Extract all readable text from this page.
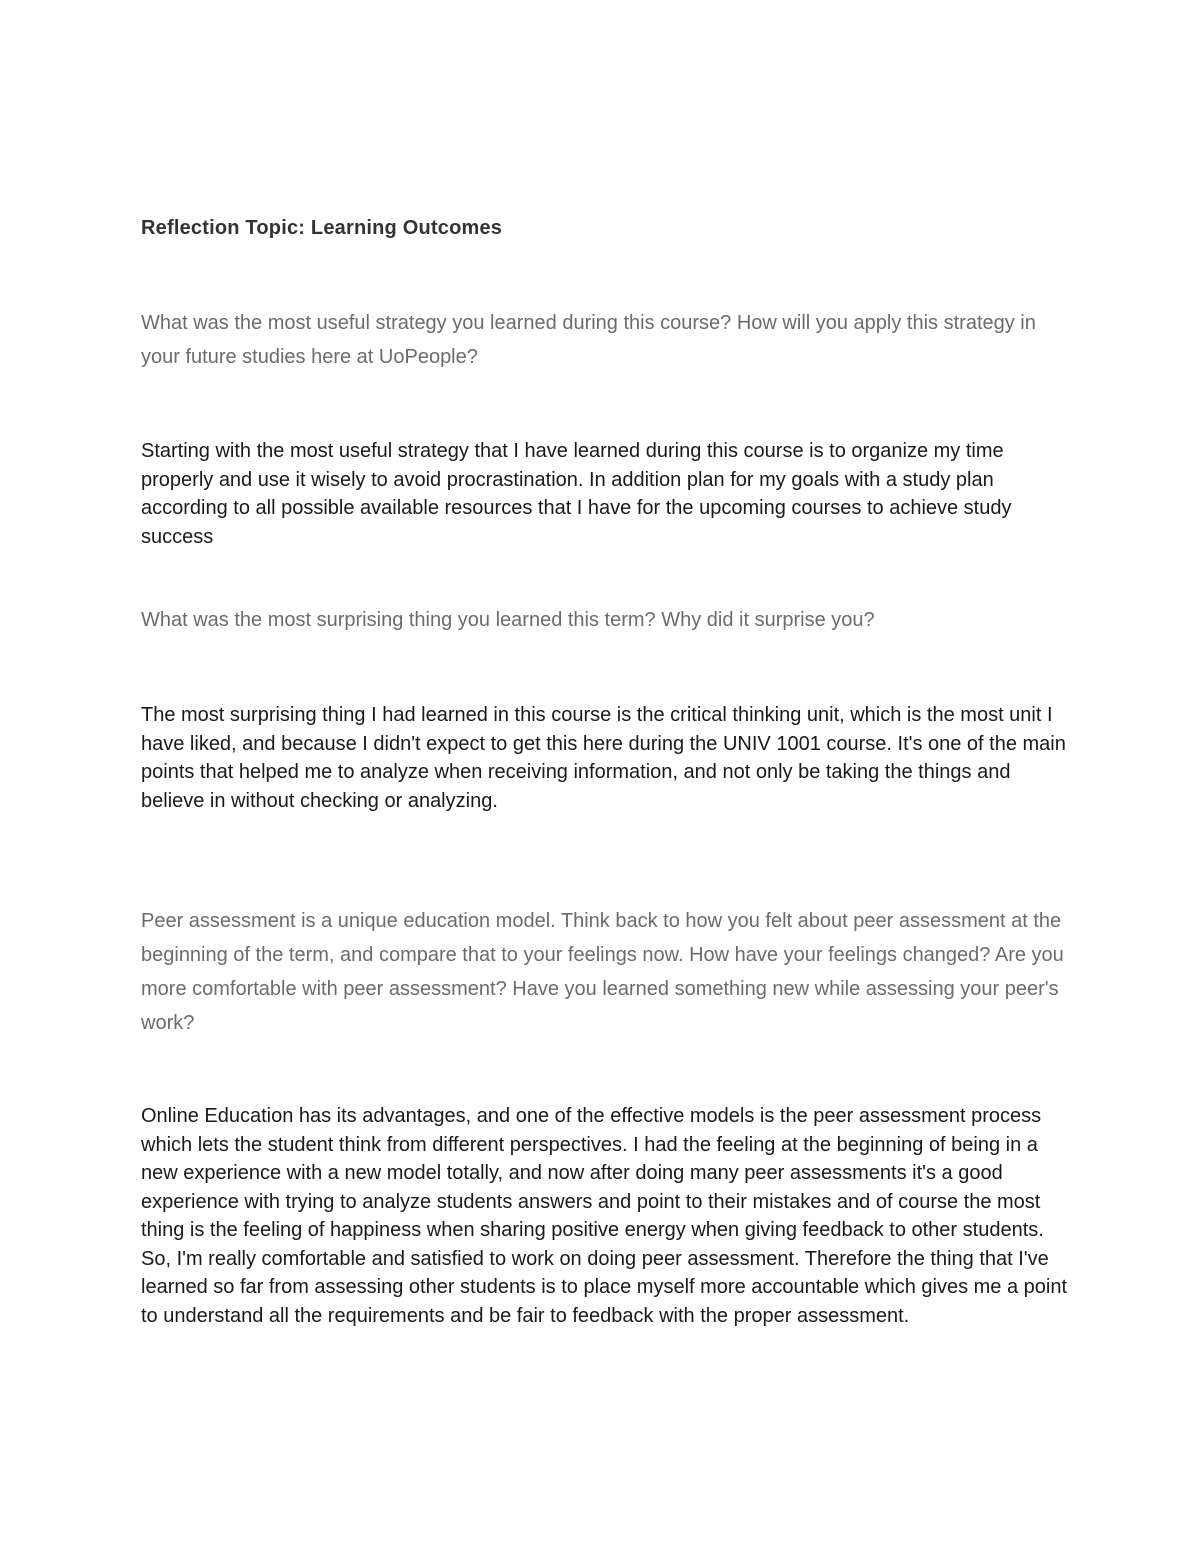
Reflection Topic: Learning Outcomes

What was the most useful strategy you learned during this course? How will you apply this strategy in your future studies here at UoPeople?

Starting with the most useful strategy that I have learned during this course is to organize my time properly and use it wisely to avoid procrastination. In addition plan for my goals with a study plan according to all possible available resources that I have for the upcoming courses to achieve study success

What was the most surprising thing you learned this term? Why did it surprise you?

The most surprising thing I had learned in this course is the critical thinking unit, which is the most unit I have liked, and because I didn't expect to get this here during the UNIV 1001 course. It's one of the main points that helped me to analyze when receiving information, and not only be taking the things and believe in without checking or analyzing.

Peer assessment is a unique education model. Think back to how you felt about peer assessment at the beginning of the term, and compare that to your feelings now. How have your feelings changed? Are you more comfortable with peer assessment? Have you learned something new while assessing your peer's work?

Online Education has its advantages, and one of the effective models is the peer assessment process which lets the student think from different perspectives. I had the feeling at the beginning of being in a new experience with a new model totally, and now after doing many peer assessments it's a good experience with trying to analyze students answers and point to their mistakes and of course the most thing is the feeling of happiness when sharing positive energy when giving feedback to other students. So, I'm really comfortable and satisfied to work on doing peer assessment. Therefore the thing that I've learned so far from assessing other students is to place myself more accountable which gives me a point to understand all the requirements and be fair to feedback with the proper assessment.
